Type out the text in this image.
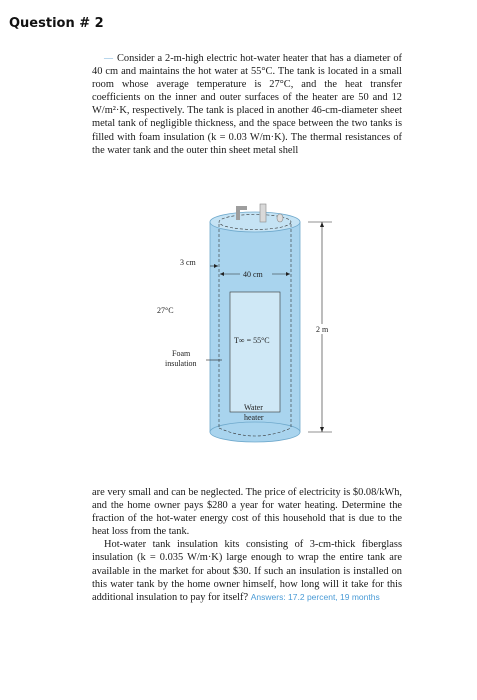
Question # 2

‒‒ Consider a 2-m-high electric hot-water heater that has a diameter of 40 cm and maintains the hot water at 55°C. The tank is located in a small room whose average temperature is 27°C, and the heat transfer coefficients on the inner and outer surfaces of the heater are 50 and 12 W/m²·K, respectively. The tank is placed in another 46-cm-diameter sheet metal tank of negligible thickness, and the space between the two tanks is filled with foam insulation (k = 0.03 W/m·K). The thermal resistances of the water tank and the outer thin sheet metal shell

3 cm
40 cm
2 m
27°C
T∞ = 55°C
Foam
insulation
Water
heater

are very small and can be neglected. The price of electricity is $0.08/kWh, and the home owner pays $280 a year for water heating. Determine the fraction of the hot-water energy cost of this household that is due to the heat loss from the tank.

Hot-water tank insulation kits consisting of 3-cm-thick fiberglass insulation (k = 0.035 W/m·K) large enough to wrap the entire tank are available in the market for about $30. If such an insulation is installed on this water tank by the home owner himself, how long will it take for this additional insulation to pay for itself? Answers: 17.2 percent, 19 months
